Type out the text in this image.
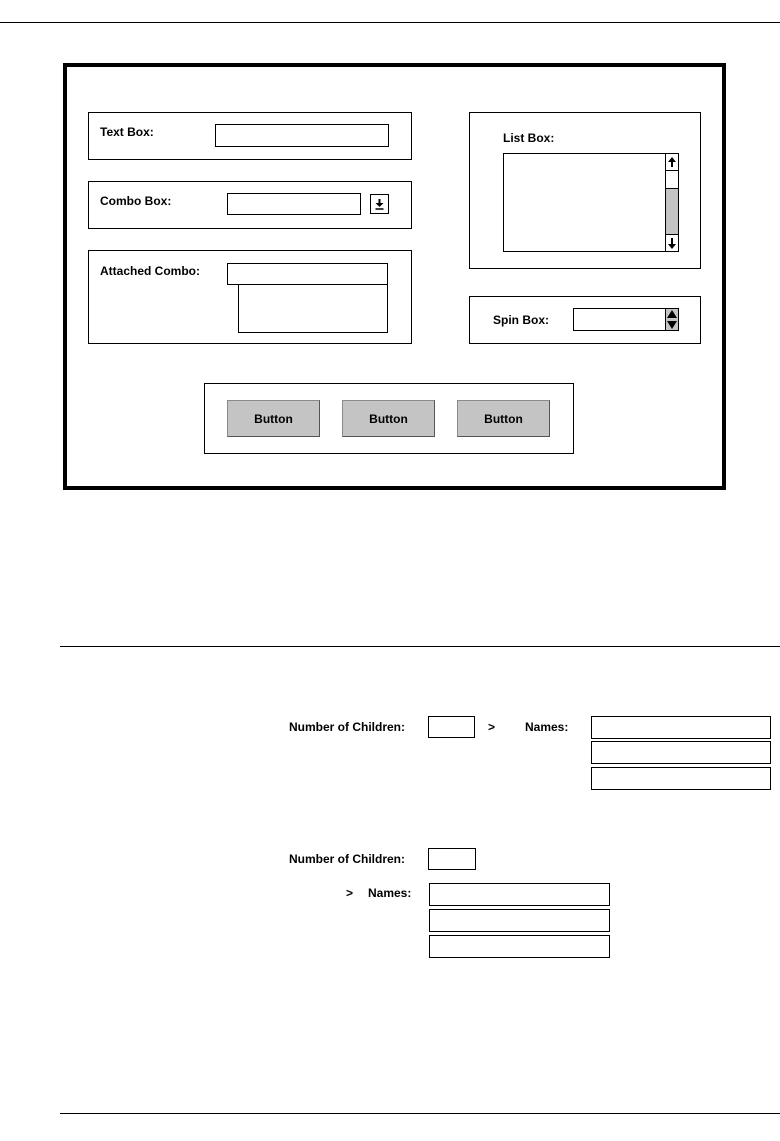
Text Box:
Combo Box:
Attached Combo:
List Box:
Spin Box:
Button	Button	Button
Number of Children:	> Names:
Number of Children:
> Names:
